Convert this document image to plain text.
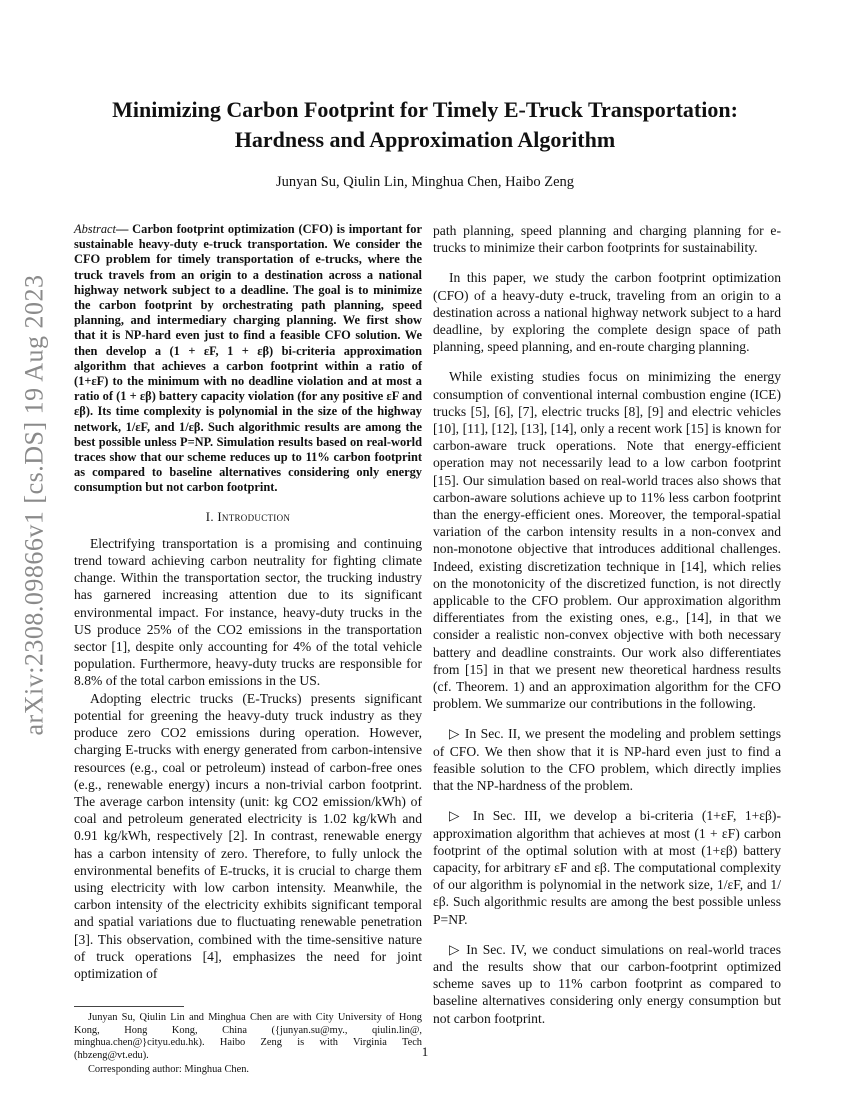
arXiv:2308.09866v1 [cs.DS] 19 Aug 2023
Minimizing Carbon Footprint for Timely E-Truck Transportation:
Hardness and Approximation Algorithm
Junyan Su, Qiulin Lin, Minghua Chen, Haibo Zeng

Abstract— Carbon footprint optimization (CFO) is important for sustainable heavy-duty e-truck transportation. We consider the CFO problem for timely transportation of e-trucks, where the truck travels from an origin to a destination across a national highway network subject to a deadline. The goal is to minimize the carbon footprint by orchestrating path planning, speed planning, and intermediary charging planning. We first show that it is NP-hard even just to find a feasible CFO solution. We then develop a (1 + εF, 1 + εβ) bi-criteria approximation algorithm that achieves a carbon footprint within a ratio of (1+εF) to the minimum with no deadline violation and at most a ratio of (1 + εβ) battery capacity violation (for any positive εF and εβ). Its time complexity is polynomial in the size of the highway network, 1/εF, and 1/εβ. Such algorithmic results are among the best possible unless P=NP. Simulation results based on real-world traces show that our scheme reduces up to 11% carbon footprint as compared to baseline alternatives considering only energy consumption but not carbon footprint.

I. Introduction

Electrifying transportation is a promising and continuing trend toward achieving carbon neutrality for fighting climate change. Within the transportation sector, the trucking industry has garnered increasing attention due to its significant environmental impact. For instance, heavy-duty trucks in the US produce 25% of the CO2 emissions in the transportation sector [1], despite only accounting for 4% of the total vehicle population. Furthermore, heavy-duty trucks are responsible for 8.8% of the total carbon emissions in the US.

Adopting electric trucks (E-Trucks) presents significant potential for greening the heavy-duty truck industry as they produce zero CO2 emissions during operation. However, charging E-trucks with energy generated from carbon-intensive resources (e.g., coal or petroleum) instead of carbon-free ones (e.g., renewable energy) incurs a non-trivial carbon footprint. The average carbon intensity (unit: kg CO2 emission/kWh) of coal and petroleum generated electricity is 1.02 kg/kWh and 0.91 kg/kWh, respectively [2]. In contrast, renewable energy has a carbon intensity of zero. Therefore, to fully unlock the environmental benefits of E-trucks, it is crucial to charge them using electricity with low carbon intensity. Meanwhile, the carbon intensity of the electricity exhibits significant temporal and spatial variations due to fluctuating renewable penetration [3]. This observation, combined with the time-sensitive nature of truck operations [4], emphasizes the need for joint optimization of

Junyan Su, Qiulin Lin and Minghua Chen are with City University of Hong Kong, Hong Kong, China ({junyan.su@my., qiulin.lin@, minghua.chen@}cityu.edu.hk). Haibo Zeng is with Virginia Tech (hbzeng@vt.edu).

Corresponding author: Minghua Chen.

path planning, speed planning and charging planning for e-trucks to minimize their carbon footprints for sustainability.

In this paper, we study the carbon footprint optimization (CFO) of a heavy-duty e-truck, traveling from an origin to a destination across a national highway network subject to a hard deadline, by exploring the complete design space of path planning, speed planning, and en-route charging planning.

While existing studies focus on minimizing the energy consumption of conventional internal combustion engine (ICE) trucks [5], [6], [7], electric trucks [8], [9] and electric vehicles [10], [11], [12], [13], [14], only a recent work [15] is known for carbon-aware truck operations. Note that energy-efficient operation may not necessarily lead to a low carbon footprint [15]. Our simulation based on real-world traces also shows that carbon-aware solutions achieve up to 11% less carbon footprint than the energy-efficient ones. Moreover, the temporal-spatial variation of the carbon intensity results in a non-convex and non-monotone objective that introduces additional challenges. Indeed, existing discretization technique in [14], which relies on the monotonicity of the discretized function, is not directly applicable to the CFO problem. Our approximation algorithm differentiates from the existing ones, e.g., [14], in that we consider a realistic non-convex objective with both necessary battery and deadline constraints. Our work also differentiates from [15] in that we present new theoretical hardness results (cf. Theorem. 1) and an approximation algorithm for the CFO problem. We summarize our contributions in the following.

▷ In Sec. II, we present the modeling and problem settings of CFO. We then show that it is NP-hard even just to find a feasible solution to the CFO problem, which directly implies that the NP-hardness of the problem.

▷ In Sec. III, we develop a bi-criteria (1+εF, 1+εβ)-approximation algorithm that achieves at most (1 + εF) carbon footprint of the optimal solution with at most (1+εβ) battery capacity, for arbitrary εF and εβ. The computational complexity of our algorithm is polynomial in the network size, 1/εF, and 1/εβ. Such algorithmic results are among the best possible unless P=NP.

▷ In Sec. IV, we conduct simulations on real-world traces and the results show that our carbon-footprint optimized scheme saves up to 11% carbon footprint as compared to baseline alternatives considering only energy consumption but not carbon footprint.

1
